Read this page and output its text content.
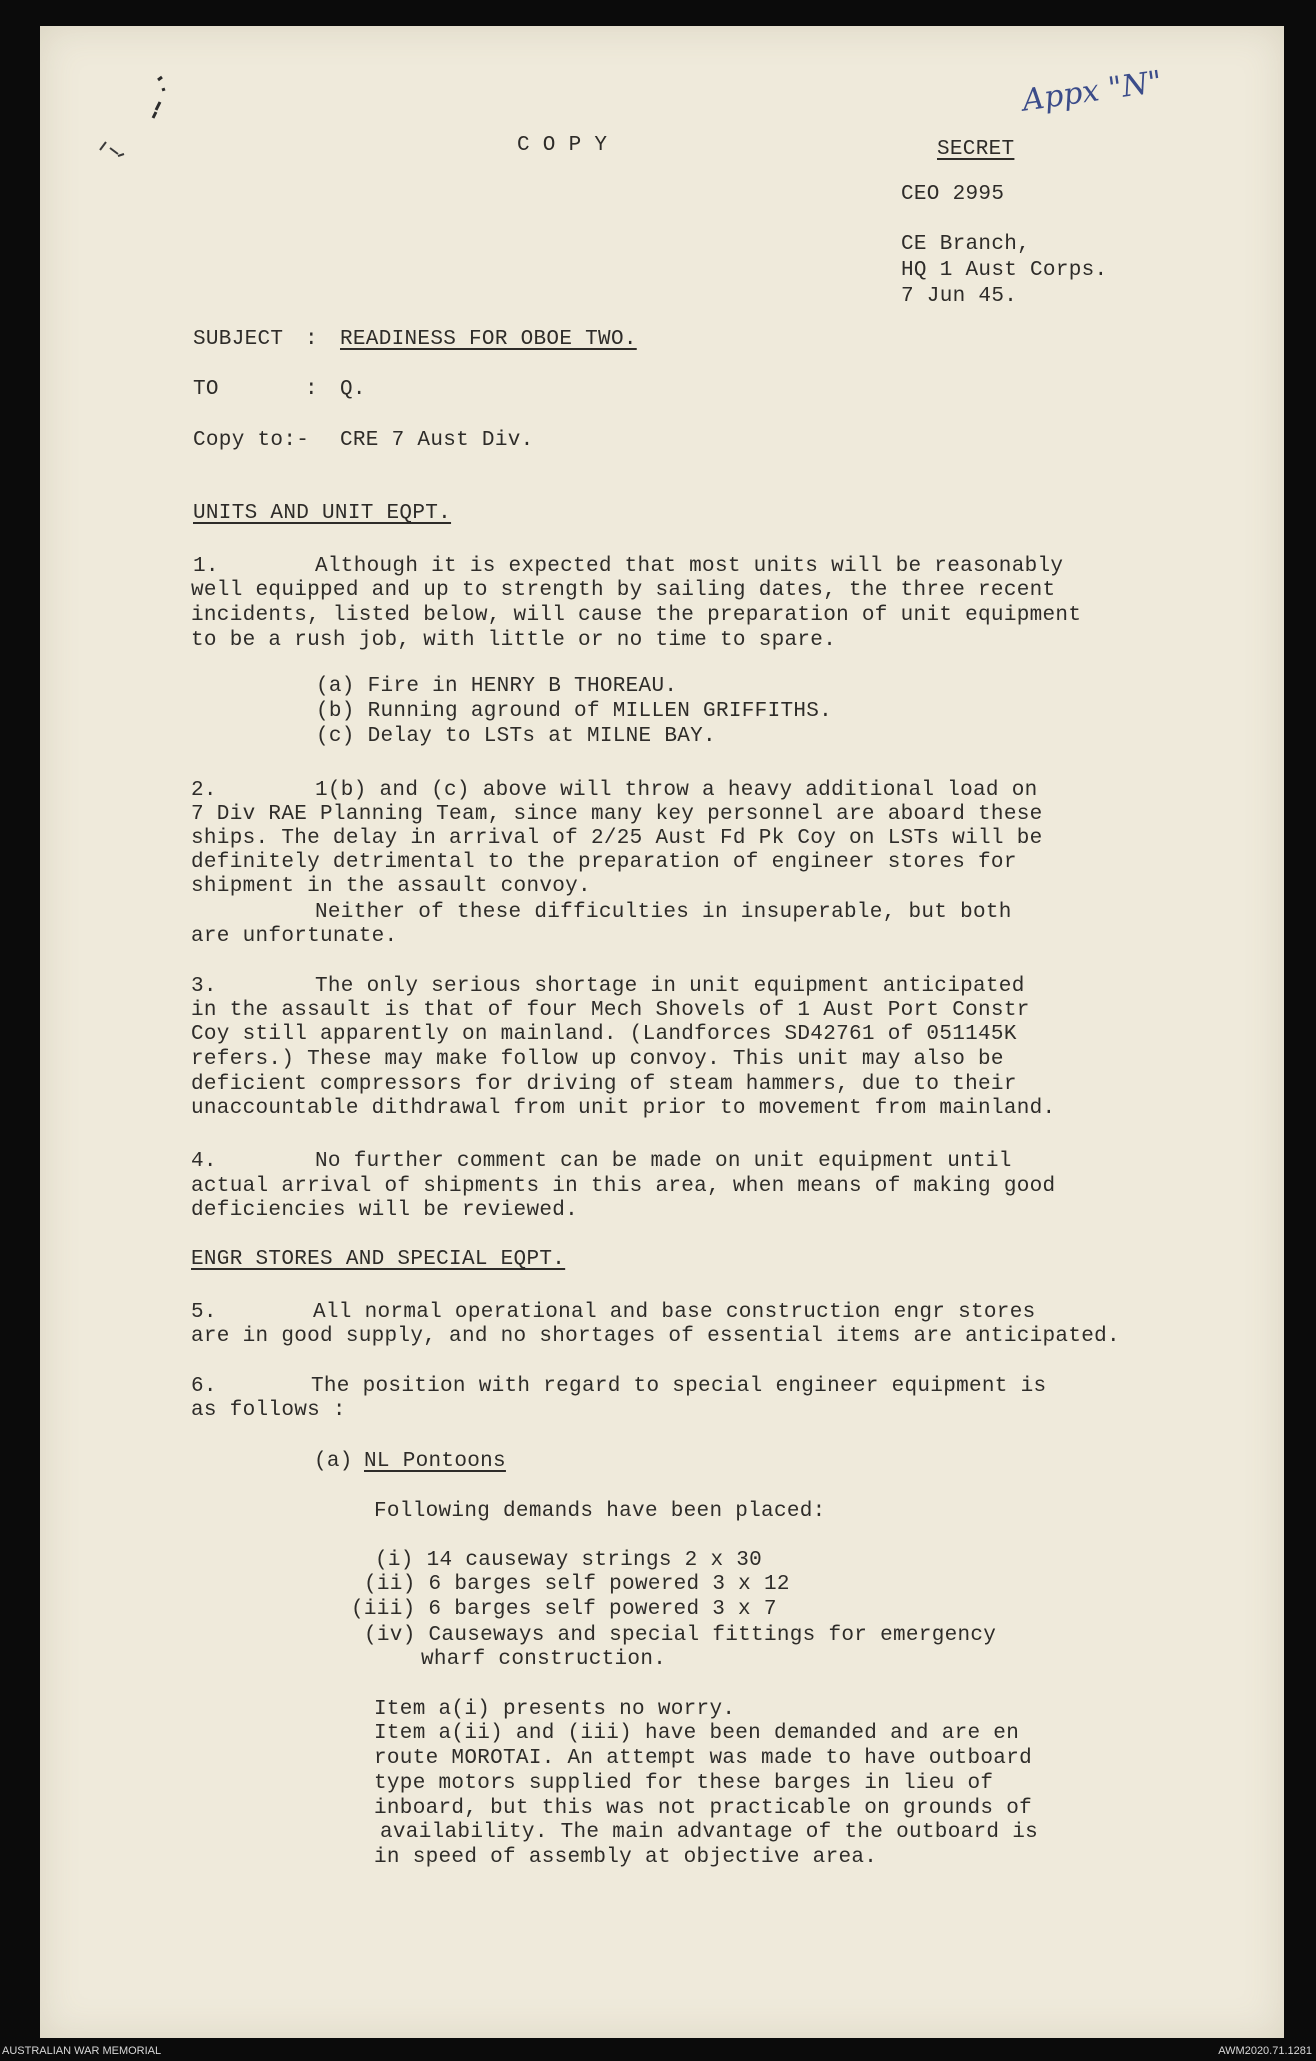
Appx "N"
C O P Y	SECRET
CEO 2995
CE Branch,
HQ 1 Aust Corps.
7 Jun 45.
SUBJECT : READINESS FOR OBOE TWO.
TO	: Q.
Copy to:- CRE 7 Aust Div.
UNITS AND UNIT EQPT.
1.	Although it is expected that most units will be reasonably
well equipped and up to strength by sailing dates, the three recent
incidents, listed below, will cause the preparation of unit equipment
to be a rush job, with little or no time to spare.
(a) Fire in HENRY B THOREAU.
(b) Running aground of MILLEN GRIFFITHS.
(c) Delay to LSTs at MILNE BAY.
2.	1(b) and (c) above will throw a heavy additional load on
7 Div RAE Planning Team, since many key personnel are aboard these
ships. The delay in arrival of 2/25 Aust Fd Pk Coy on LSTs will be
definitely detrimental to the preparation of engineer stores for
shipment in the assault convoy.
Neither of these difficulties in insuperable, but both
are unfortunate.
3.	The only serious shortage in unit equipment anticipated
in the assault is that of four Mech Shovels of 1 Aust Port Constr
Coy still apparently on mainland. (Landforces SD42761 of 051145K
refers.) These may make follow up convoy. This unit may also be
deficient compressors for driving of steam hammers, due to their
unaccountable dithdrawal from unit prior to movement from mainland.
4.	No further comment can be made on unit equipment until
actual arrival of shipments in this area, when means of making good
deficiencies will be reviewed.
ENGR STORES AND SPECIAL EQPT.
5.	All normal operational and base construction engr stores
are in good supply, and no shortages of essential items are anticipated.
6.	The position with regard to special engineer equipment is
as follows :
(a) NL Pontoons
Following demands have been placed:
(i) 14 causeway strings 2 x 30
(ii) 6 barges self powered 3 x 12
(iii) 6 barges self powered 3 x 7
(iv) Causeways and special fittings for emergency
wharf construction.
Item a(i) presents no worry.
Item a(ii) and (iii) have been demanded and are en
route MOROTAI. An attempt was made to have outboard
type motors supplied for these barges in lieu of
inboard, but this was not practicable on grounds of
availability. The main advantage of the outboard is
in speed of assembly at objective area.
AUSTRALIAN WAR MEMORIAL	AWM2020.71.1281
